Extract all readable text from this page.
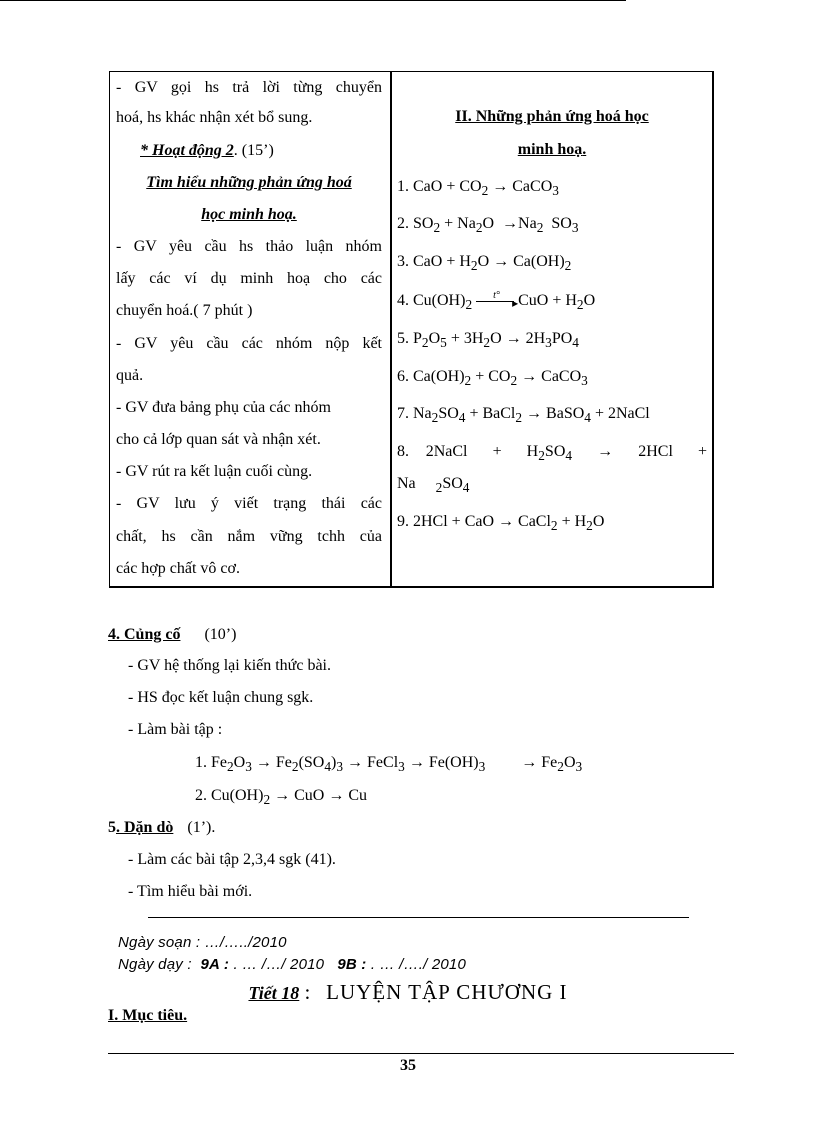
- GV gọi hs trả lời từng chuyển
hoá, hs khác nhận xét bổ sung.
* Hoạt động 2. (15’)
Tìm hiểu những phản ứng hoá
học minh hoạ.
- GV yêu cầu hs thảo luận nhóm
lấy các ví dụ minh hoạ cho các
chuyển hoá.( 7 phút )
- GV yêu cầu các nhóm nộp kết
quả.
- GV đưa bảng phụ của các nhóm
cho cả lớp quan sát và nhận xét.
- GV rút ra kết luận cuối cùng.
- GV lưu ý viết trạng thái các
chất, hs cần nắm vững tchh của
các hợp chất vô cơ.
II. Những phản ứng hoá học
minh hoạ.
1. CaO + $CO_2$ → CaCO$_3$
2. $SO_2 + Na_2O \to Na_2$  $SO_3$
3. CaO + $H_2O \to Ca(OH)_2$
4. $Cu(OH)_2$	▸
t° CuO + $H_2O$
5. $P_2O_5 + 3H_2O \to 2H_3PO_4$
6. $Ca(OH)_2 + CO_2$ → CaCO$_3$
7. $Na_2SO_4$ + BaCl$_2$ → BaSO$_4$ + 2NaCl
8.  2NaCl   +   $H_2SO_4 \to 2HCl$   +
Na     $_2SO_4$
9. 2HCl + CaO → CaCl$_2$ + $H_2O$
4. Củng cố (10’)
- GV hệ thống lại kiến thức bài.
- HS đọc kết luận chung sgk.
- Làm bài tập :
1. $Fe_2O_3 \to Fe_2(SO_4)_3$ → FeCl$_3$ → $Fe(OH)_3$         → $Fe_2O_3$
2. $Cu(OH)_2$ → CuO → Cu
5. Dặn dò (1’).
- Làm các bài tập 2,3,4 sgk (41).
- Tìm hiểu bài mới.
Ngày soạn : …/…../2010
Ngày dạy : 9A : . … /…/ 2010 9B : . … /…./ 2010
Tiết 18 : LUYỆN TẬP CHƯƠNG I
I. Mục tiêu.
35
